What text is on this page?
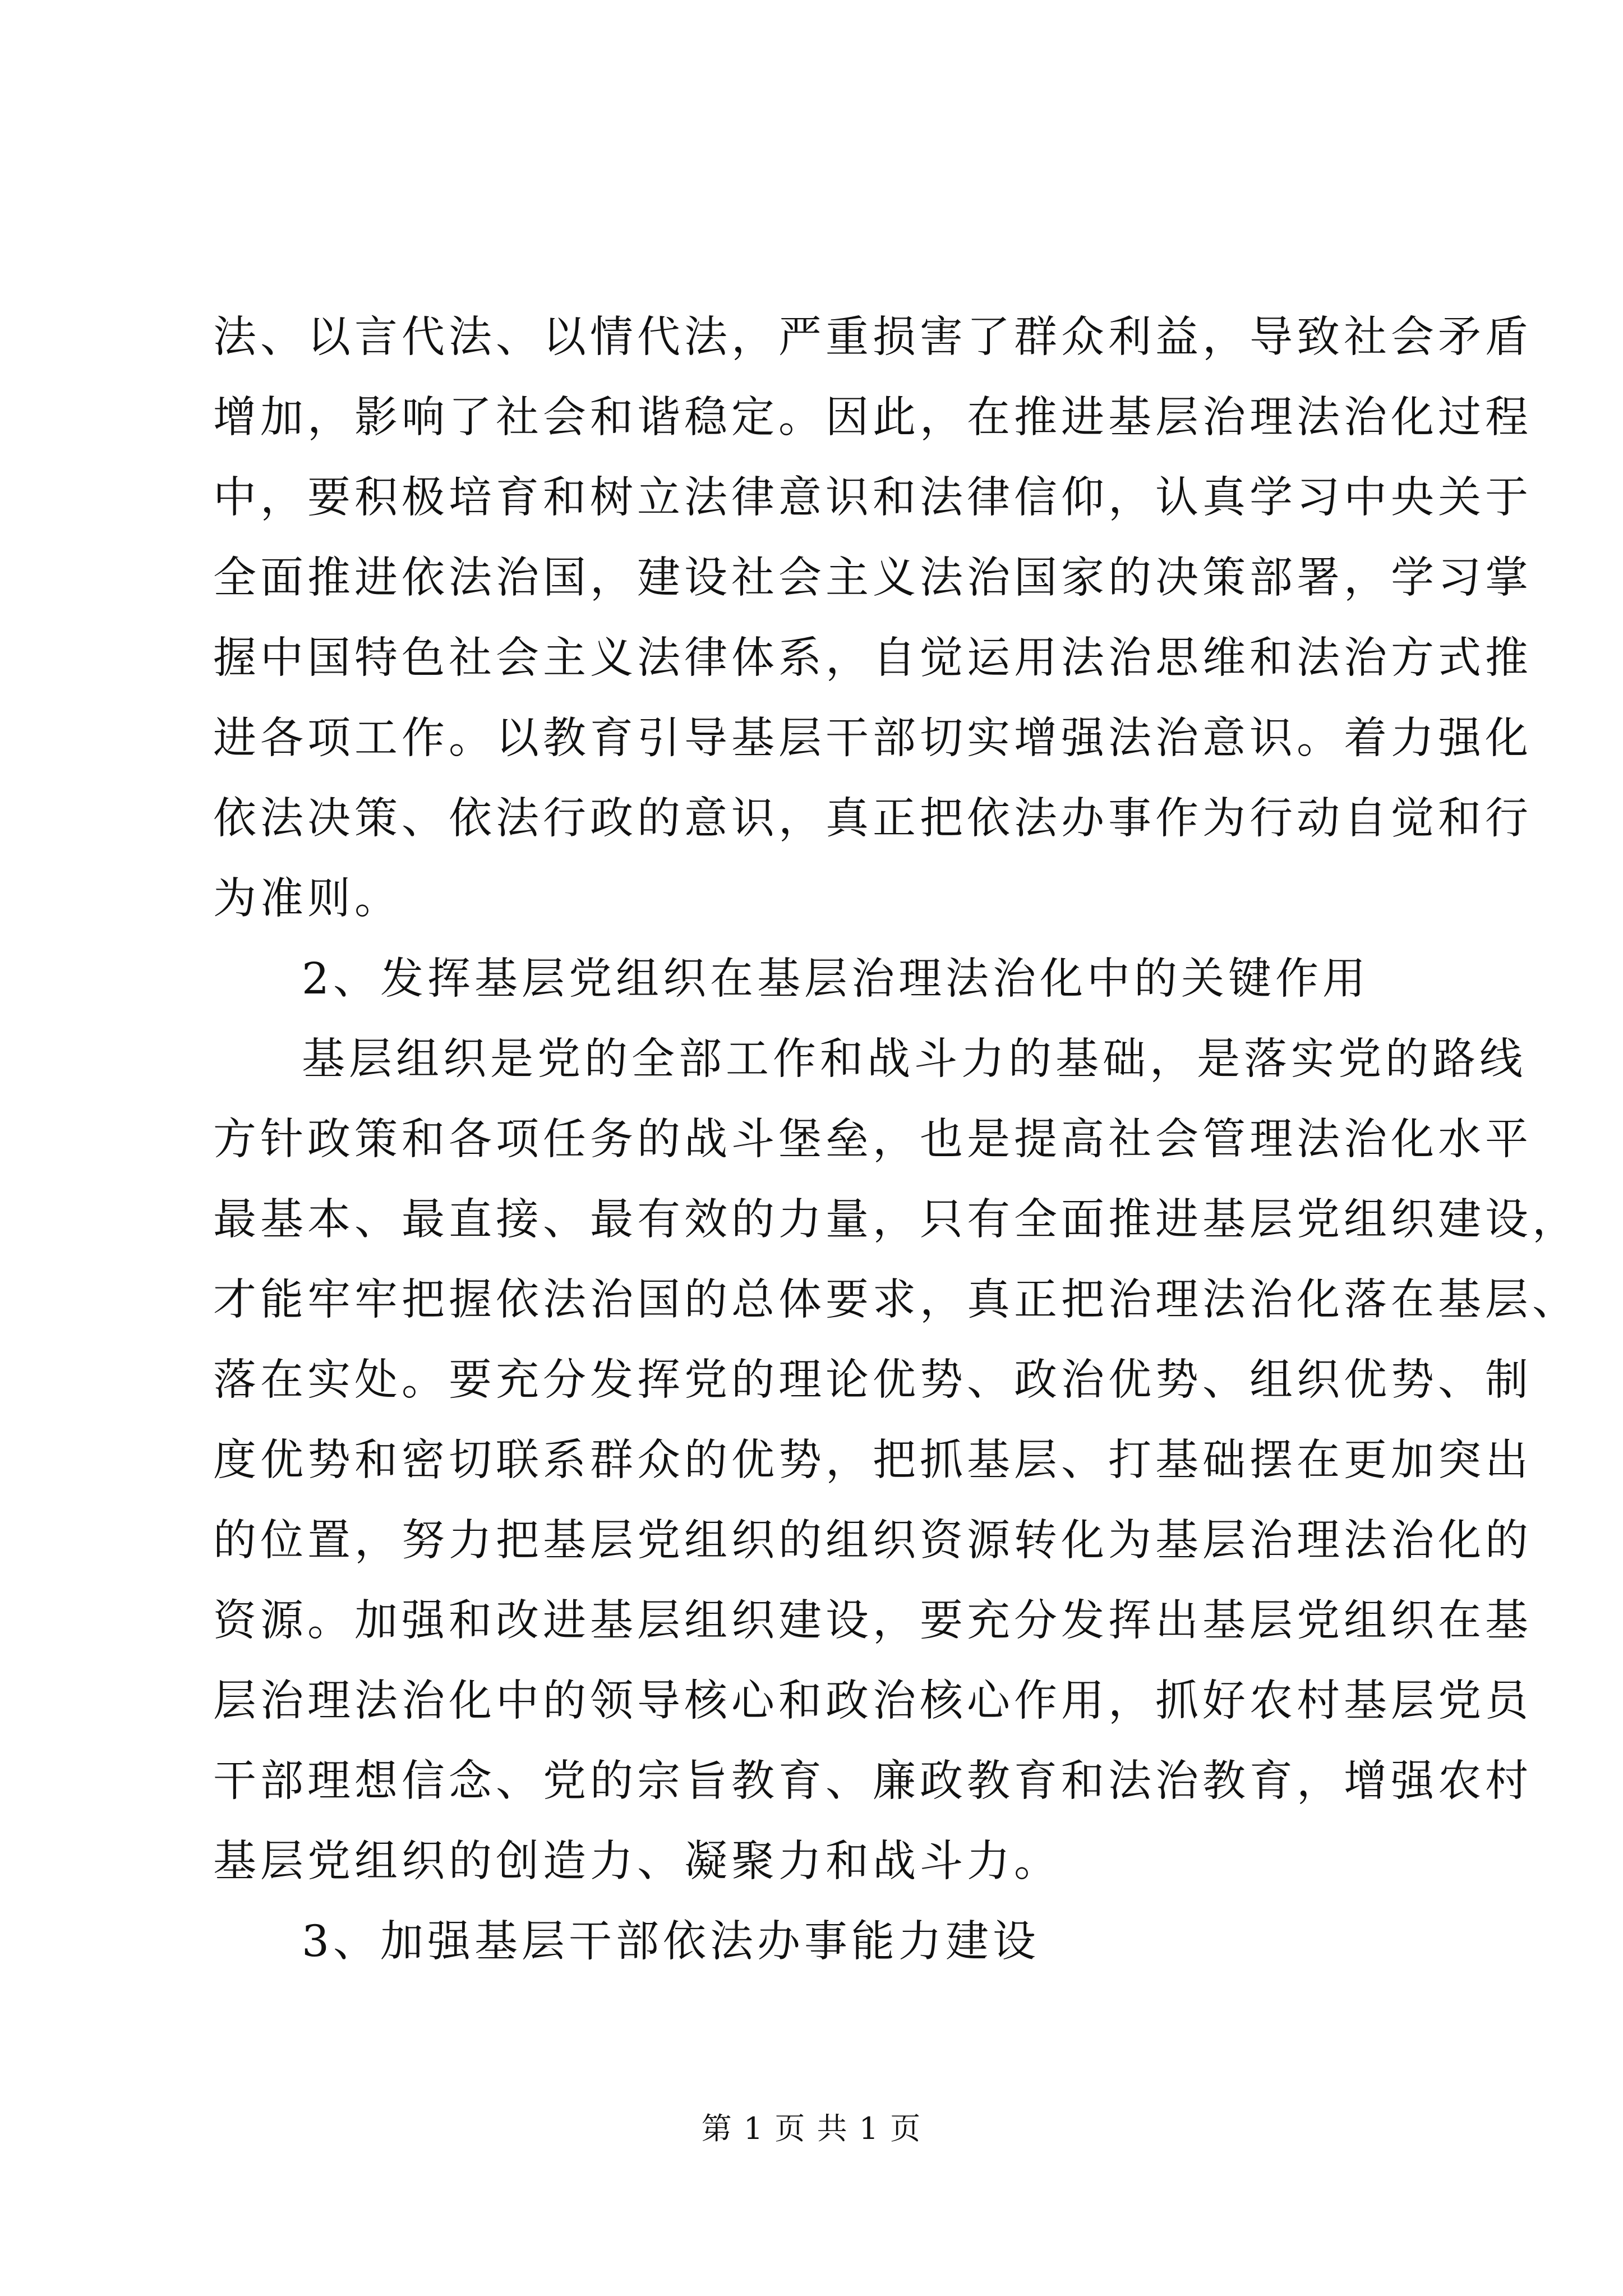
法、以言代法、以情代法，严重损害了群众利益，导致社会矛盾
增加，影响了社会和谐稳定。因此，在推进基层治理法治化过程
中，要积极培育和树立法律意识和法律信仰，认真学习中央关于
全面推进依法治国，建设社会主义法治国家的决策部署，学习掌
握中国特色社会主义法律体系，自觉运用法治思维和法治方式推
进各项工作。以教育引导基层干部切实增强法治意识。着力强化
依法决策、依法行政的意识，真正把依法办事作为行动自觉和行
为准则。
2、发挥基层党组织在基层治理法治化中的关键作用
基层组织是党的全部工作和战斗力的基础，是落实党的路线
方针政策和各项任务的战斗堡垒，也是提高社会管理法治化水平
最基本、最直接、最有效的力量，只有全面推进基层党组织建设，
才能牢牢把握依法治国的总体要求，真正把治理法治化落在基层、
落在实处。要充分发挥党的理论优势、政治优势、组织优势、制
度优势和密切联系群众的优势，把抓基层、打基础摆在更加突出
的位置，努力把基层党组织的组织资源转化为基层治理法治化的
资源。加强和改进基层组织建设，要充分发挥出基层党组织在基
层治理法治化中的领导核心和政治核心作用，抓好农村基层党员
干部理想信念、党的宗旨教育、廉政教育和法治教育，增强农村
基层党组织的创造力、凝聚力和战斗力。
3、加强基层干部依法办事能力建设
第 1 页 共 1 页
